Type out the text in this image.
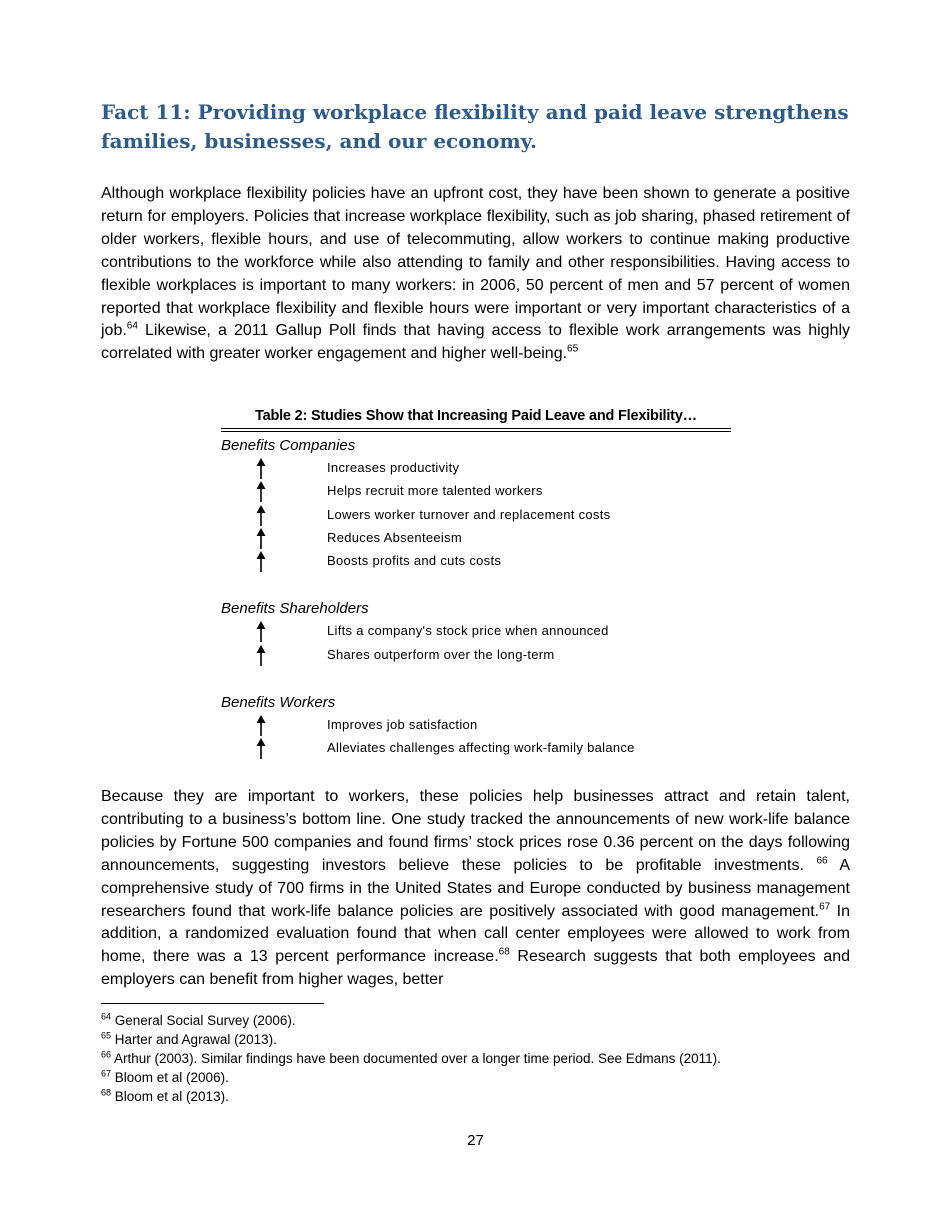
Fact 11: Providing workplace flexibility and paid leave strengthens families, businesses, and our economy.

Although workplace flexibility policies have an upfront cost, they have been shown to generate a positive return for employers. Policies that increase workplace flexibility, such as job sharing, phased retirement of older workers, flexible hours, and use of telecommuting, allow workers to continue making productive contributions to the workforce while also attending to family and other responsibilities. Having access to flexible workplaces is important to many workers: in 2006, 50 percent of men and 57 percent of women reported that workplace flexibility and flexible hours were important or very important characteristics of a job.$^{64}$ Likewise, a 2011 Gallup Poll finds that having access to flexible work arrangements was highly correlated with greater worker engagement and higher well-being.$^{65}$

Table 2: Studies Show that Increasing Paid Leave and Flexibility…
Benefits Companies
Increases productivity
Helps recruit more talented workers
Lowers worker turnover and replacement costs
Reduces Absenteeism
Boosts profits and cuts costs
Benefits Shareholders
Lifts a company's stock price when announced
Shares outperform over the long-term
Benefits Workers
Improves job satisfaction
Alleviates challenges affecting work-family balance

Because they are important to workers, these policies help businesses attract and retain talent, contributing to a business’s bottom line. One study tracked the announcements of new work-life balance policies by Fortune 500 companies and found firms’ stock prices rose 0.36 percent on the days following announcements, suggesting investors believe these policies to be profitable investments. $^{66}$ A comprehensive study of 700 firms in the United States and Europe conducted by business management researchers found that work-life balance policies are positively associated with good management.$^{67}$ In addition, a randomized evaluation found that when call center employees were allowed to work from home, there was a 13 percent performance increase.$^{68}$ Research suggests that both employees and employers can benefit from higher wages, better

$^{64}$ General Social Survey (2006).
$^{65}$ Harter and Agrawal (2013).
$^{66}$ Arthur (2003). Similar findings have been documented over a longer time period. See Edmans (2011).
$^{67}$ Bloom et al (2006).
$^{68}$ Bloom et al (2013).
27
